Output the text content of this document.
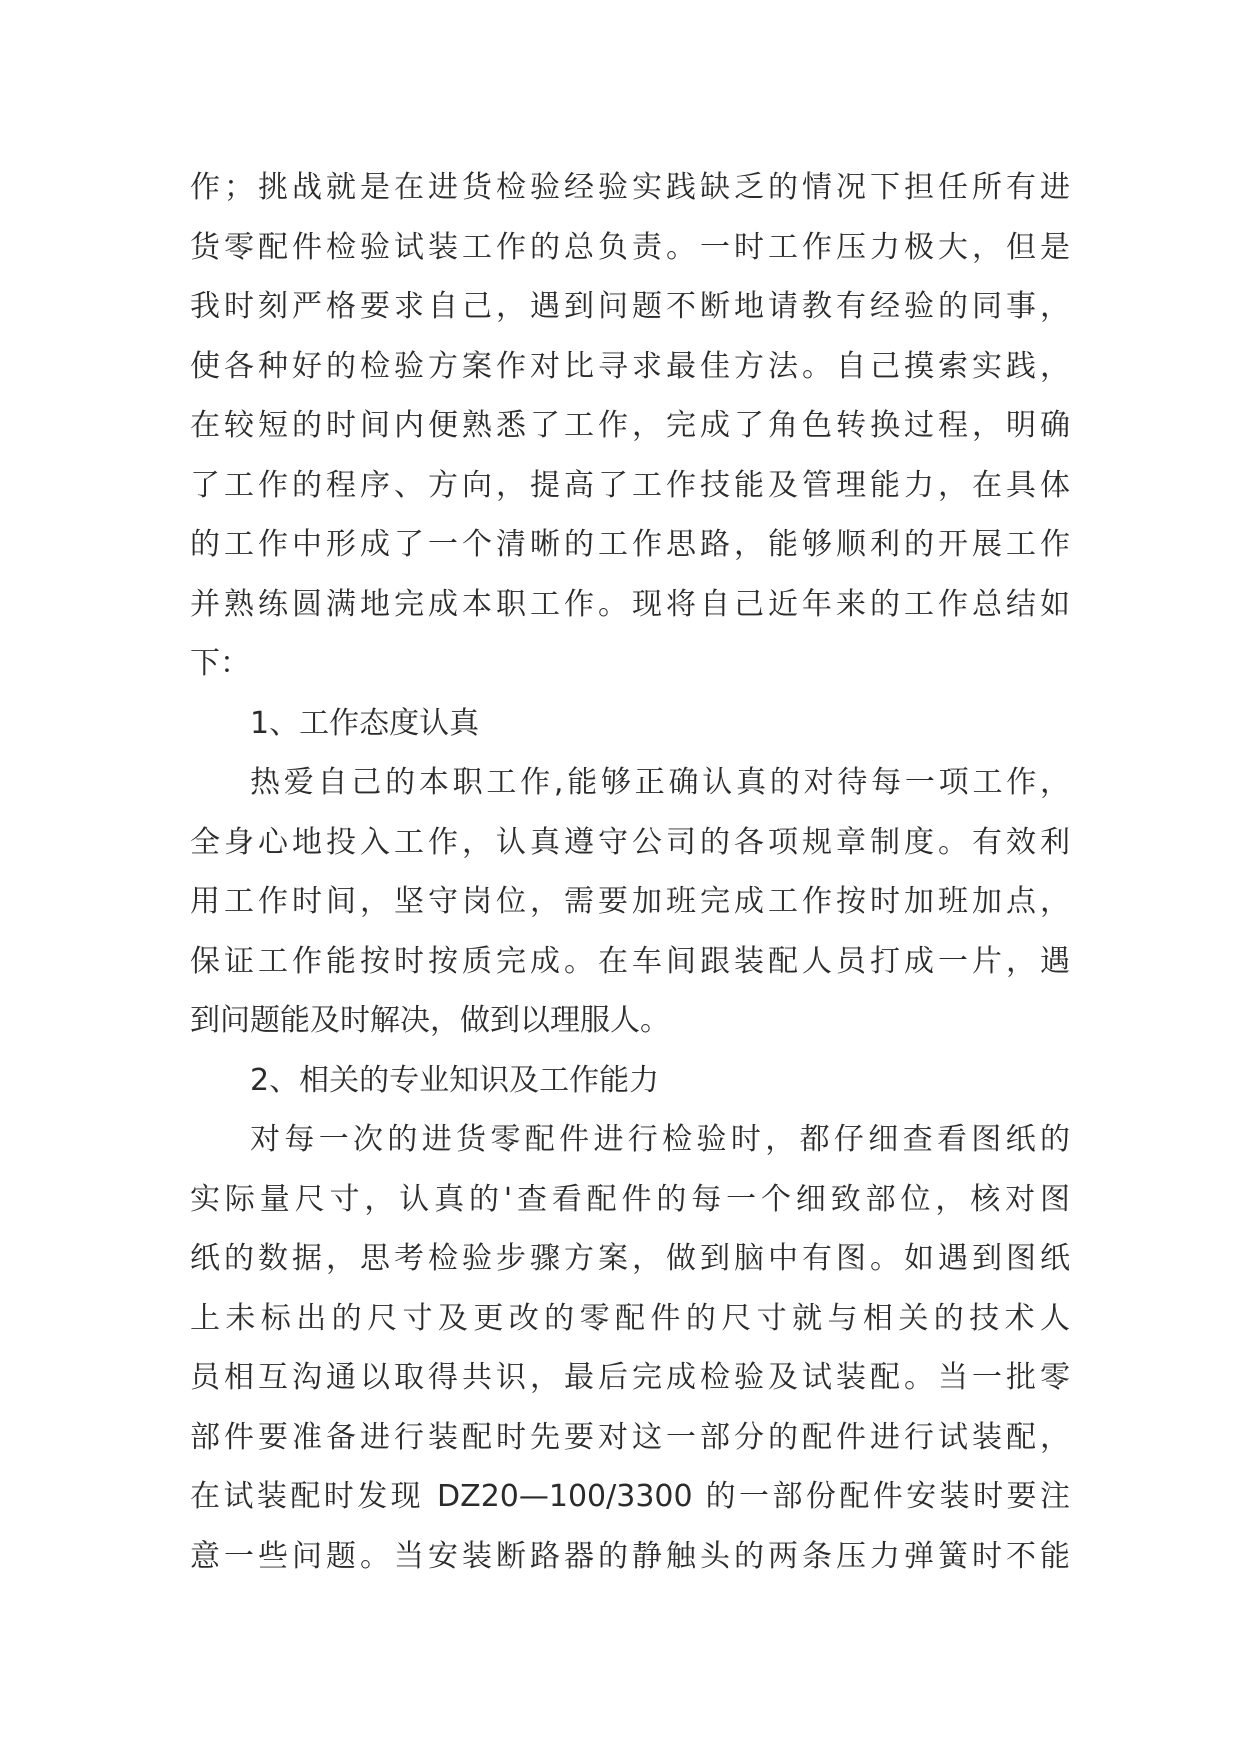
作；挑战就是在进货检验经验实践缺乏的情况下担任所有进
货零配件检验试装工作的总负责。一时工作压力极大，但是
我时刻严格要求自己，遇到问题不断地请教有经验的同事，
使各种好的检验方案作对比寻求最佳方法。自己摸索实践，
在较短的时间内便熟悉了工作，完成了角色转换过程，明确
了工作的程序、方向，提高了工作技能及管理能力，在具体
的工作中形成了一个清晰的工作思路，能够顺利的开展工作
并熟练圆满地完成本职工作。现将自己近年来的工作总结如
下：
1、工作态度认真
热爱自己的本职工作,能够正确认真的对待每一项工作，
全身心地投入工作，认真遵守公司的各项规章制度。有效利
用工作时间，坚守岗位，需要加班完成工作按时加班加点，
保证工作能按时按质完成。在车间跟装配人员打成一片，遇
到问题能及时解决，做到以理服人。
2、相关的专业知识及工作能力
对每一次的进货零配件进行检验时，都仔细查看图纸的
实际量尺寸，认真的'查看配件的每一个细致部位，核对图
纸的数据，思考检验步骤方案，做到脑中有图。如遇到图纸
上未标出的尺寸及更改的零配件的尺寸就与相关的技术人
员相互沟通以取得共识，最后完成检验及试装配。当一批零
部件要准备进行装配时先要对这一部分的配件进行试装配，
在试装配时发现 DZ20—100/3300 的一部份配件安装时要注
意一些问题。当安装断路器的静触头的两条压力弹簧时不能
